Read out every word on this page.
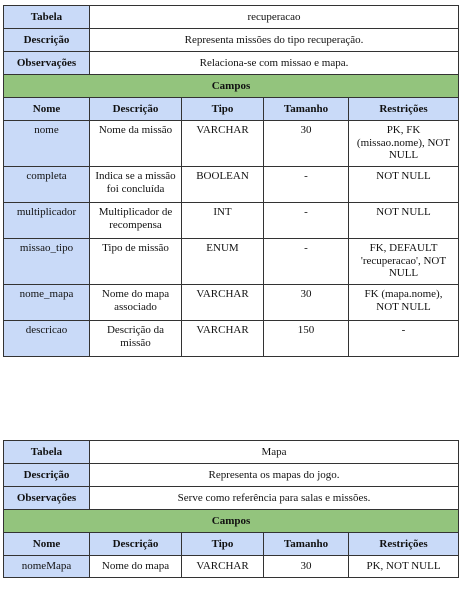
Tabela	recuperacao			
Descrição	Representa missões do tipo recuperação.			
Observações	Relaciona-se com missao e mapa.			
Campos				
Nome	Descrição	Tipo	Tamanho	Restrições
nome	Nome da missão	VARCHAR	30	PK, FK (missao.nome), NOT NULL
completa	Indica se a missão foi concluída	BOOLEAN	-	NOT NULL
multiplicador	Multiplicador de recompensa	INT	-	NOT NULL
missao_tipo	Tipo de missão	ENUM	-	FK, DEFAULT 'recuperacao', NOT NULL
nome_mapa	Nome do mapa associado	VARCHAR	30	FK (mapa.nome), NOT NULL
descricao	Descrição da missão	VARCHAR	150	-
Tabela	Mapa			
Descrição	Representa os mapas do jogo.			
Observações	Serve como referência para salas e missões.			
Campos				
Nome	Descrição	Tipo	Tamanho	Restrições
nomeMapa	Nome do mapa	VARCHAR	30	PK, NOT NULL
